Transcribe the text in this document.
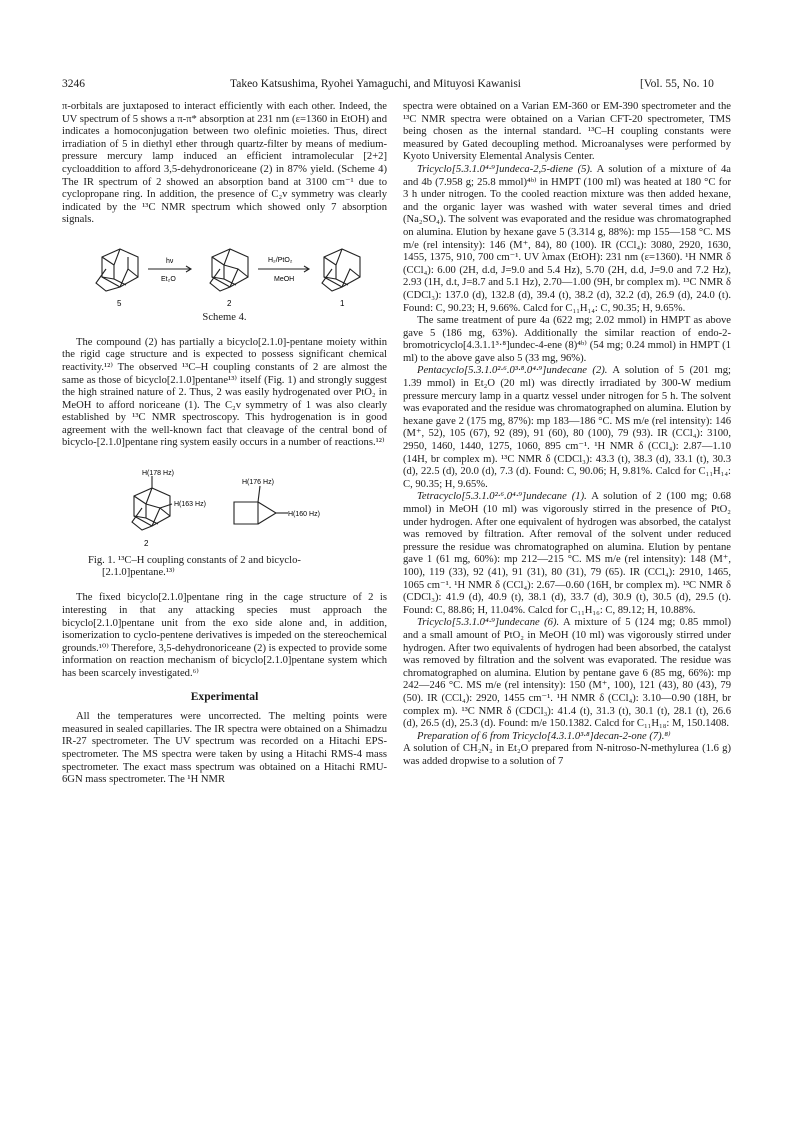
3246	Takeo Katsushima, Ryohei Yamaguchi, and Mituyosi Kawanisi	[Vol. 55, No. 10

π-orbitals are juxtaposed to interact efficiently with each other. Indeed, the UV spectrum of 5 shows a π-π* absorption at 231 nm (ε=1360 in EtOH) and indicates a homoconjugation between two olefinic moieties. Thus, direct irradiation of 5 in diethyl ether through quartz-filter by means of medium-pressure mercury lamp induced an efficient intramolecular [2+2] cycloaddition to afford 3,5-dehydronoriceane (2) in 87% yield. (Scheme 4) The IR spectrum of 2 showed an absorption band at 3100 cm⁻¹ due to cyclopropane ring. In addition, the presence of C₂v symmetry was clearly indicated by the ¹³C NMR spectrum which showed only 7 absorption signals.

hν
Et₂O
H₂/PtO₂
MeOH
5	2	1
Scheme 4.

The compound (2) has partially a bicyclo[2.1.0]-pentane moiety within the rigid cage structure and is expected to possess significant chemical reactivity.¹²⁾ The observed ¹³C–H coupling constants of 2 are almost the same as those of bicyclo[2.1.0]pentane¹³⁾ itself (Fig. 1) and strongly suggest the high strained nature of 2. Thus, 2 was easily hydrogenated over PtO₂ in MeOH to afford noriceane (1). The C₂v symmetry of 1 was also clearly established by ¹³C NMR spectroscopy. This hydrogenation is in good agreement with the well-known fact that cleavage of the central bond of bicyclo-[2.1.0]pentane ring system easily occurs in a number of reactions.¹²⁾

H(178 Hz)
H(163 Hz)
H(176 Hz)
H(160 Hz)
2
Fig. 1. ¹³C–H coupling constants of 2 and bicyclo-
[2.1.0]pentane.¹³⁾

The fixed bicyclo[2.1.0]pentane ring in the cage structure of 2 is interesting in that any attacking species must approach the bicyclo[2.1.0]pentane unit from the exo side alone and, in addition, isomerization to cyclo-pentene derivatives is impeded on the stereochemical grounds.¹⁰⁾ Therefore, 3,5-dehydronoriceane (2) is expected to provide some information on reaction mechanism of bicyclo[2.1.0]pentane system which has been scarcely investigated.⁶⁾

Experimental

All the temperatures were uncorrected. The melting points were measured in sealed capillaries. The IR spectra were obtained on a Shimadzu IR-27 spectrometer. The UV spectrum was recorded on a Hitachi EPS-spectrometer. The MS spectra were taken by using a Hitachi RMS-4 mass spectrometer. The exact mass spectrum was obtained on a Hitachi RMU-6GN mass spectrometer. The ¹H NMR

spectra were obtained on a Varian EM-360 or EM-390 spectrometer and the ¹³C NMR spectra were obtained on a Varian CFT-20 spectrometer, TMS being chosen as the internal standard. ¹³C–H coupling constants were measured by Gated decoupling method. Microanalyses were performed by Kyoto University Elemental Analysis Center.

Tricyclo[5.3.1.0⁴·⁹]undeca-2,5-diene (5). A solution of a mixture of 4a and 4b (7.958 g; 25.8 mmol)⁴ᵇ⁾ in HMPT (100 ml) was heated at 180 °C for 3 h under nitrogen. To the cooled reaction mixture was then added hexane, and the organic layer was washed with water several times and dried (Na₂SO₄). The solvent was evaporated and the residue was chromatographed on alumina. Elution by hexane gave 5 (3.314 g, 88%): mp 155—158 °C. MS m/e (rel intensity): 146 (M⁺, 84), 80 (100). IR (CCl₄): 3080, 2920, 1630, 1455, 1375, 910, 700 cm⁻¹. UV λmax (EtOH): 231 nm (ε=1360). ¹H NMR δ (CCl₄): 6.00 (2H, d.d, J=9.0 and 5.4 Hz), 5.70 (2H, d.d, J=9.0 and 7.2 Hz), 2.93 (1H, d.t, J=8.7 and 5.1 Hz), 2.70—1.00 (9H, br complex m). ¹³C NMR δ (CDCl₃): 137.0 (d), 132.8 (d), 39.4 (t), 38.2 (d), 32.2 (d), 26.9 (d), 24.0 (t). Found: C, 90.23; H, 9.66%. Calcd for C₁₁H₁₄: C, 90.35; H, 9.65%.

The same treatment of pure 4a (622 mg; 2.02 mmol) in HMPT as above gave 5 (186 mg, 63%). Additionally the similar reaction of endo-2-bromotricyclo[4.3.1.1³·⁸]undec-4-ene (8)⁴ᵇ⁾ (54 mg; 0.24 mmol) in HMPT (1 ml) to the above gave also 5 (33 mg, 96%).

Pentacyclo[5.3.1.0²·⁶.0³·⁸.0⁴·⁹]undecane (2). A solution of 5 (201 mg; 1.39 mmol) in Et₂O (20 ml) was directly irradiated by 300-W medium pressure mercury lamp in a quartz vessel under nitrogen for 5 h. The solvent was evaporated and the residue was chromatographed on alumina. Elution by hexane gave 2 (175 mg, 87%): mp 183—186 °C. MS m/e (rel intensity): 146 (M⁺, 52), 105 (67), 92 (89), 91 (60), 80 (100), 79 (93). IR (CCl₄): 3100, 2950, 1460, 1440, 1275, 1060, 895 cm⁻¹. ¹H NMR δ (CCl₄): 2.87—1.10 (14H, br complex m). ¹³C NMR δ (CDCl₃): 43.3 (t), 38.3 (d), 33.1 (t), 30.3 (d), 22.5 (d), 20.0 (d), 7.3 (d). Found: C, 90.06; H, 9.81%. Calcd for C₁₁H₁₄: C, 90.35; H, 9.65%.

Tetracyclo[5.3.1.0²·⁶.0⁴·⁹]undecane (1). A solution of 2 (100 mg; 0.68 mmol) in MeOH (10 ml) was vigorously stirred in the presence of PtO₂ under hydrogen. After one equivalent of hydrogen was absorbed, the catalyst was removed by filtration. After removal of the solvent under reduced pressure the residue was chromatographed on alumina. Elution by pentane gave 1 (61 mg, 60%): mp 212—215 °C. MS m/e (rel intensity): 148 (M⁺, 100), 119 (33), 92 (41), 91 (31), 80 (31), 79 (65). IR (CCl₄): 2910, 1465, 1065 cm⁻¹. ¹H NMR δ (CCl₄): 2.67—0.60 (16H, br complex m). ¹³C NMR δ (CDCl₃): 41.9 (d), 40.9 (t), 38.1 (d), 33.7 (d), 30.9 (t), 30.5 (d), 29.5 (t). Found: C, 88.86; H, 11.04%. Calcd for C₁₁H₁₆: C, 89.12; H, 10.88%.

Tricyclo[5.3.1.0⁴·⁹]undecane (6). A mixture of 5 (124 mg; 0.85 mmol) and a small amount of PtO₂ in MeOH (10 ml) was vigorously stirred under hydrogen. After two equivalents of hydrogen had been absorbed, the catalyst was removed by filtration and the solvent was evaporated. The residue was chromatographed on alumina. Elution by pentane gave 6 (85 mg, 66%): mp 242—246 °C. MS m/e (rel intensity): 150 (M⁺, 100), 121 (43), 80 (43), 79 (50). IR (CCl₄): 2920, 1455 cm⁻¹. ¹H NMR δ (CCl₄): 3.10—0.90 (18H, br complex m). ¹³C NMR δ (CDCl₃): 41.4 (t), 31.3 (t), 30.1 (t), 28.1 (t), 26.6 (d), 26.5 (d), 25.3 (d). Found: m/e 150.1382. Calcd for C₁₁H₁₈: M, 150.1408.

Preparation of 6 from Tricyclo[4.3.1.0³·⁸]decan-2-one (7).⁸⁾

A solution of CH₂N₂ in Et₂O prepared from N-nitroso-N-methylurea (1.6 g) was added dropwise to a solution of 7
